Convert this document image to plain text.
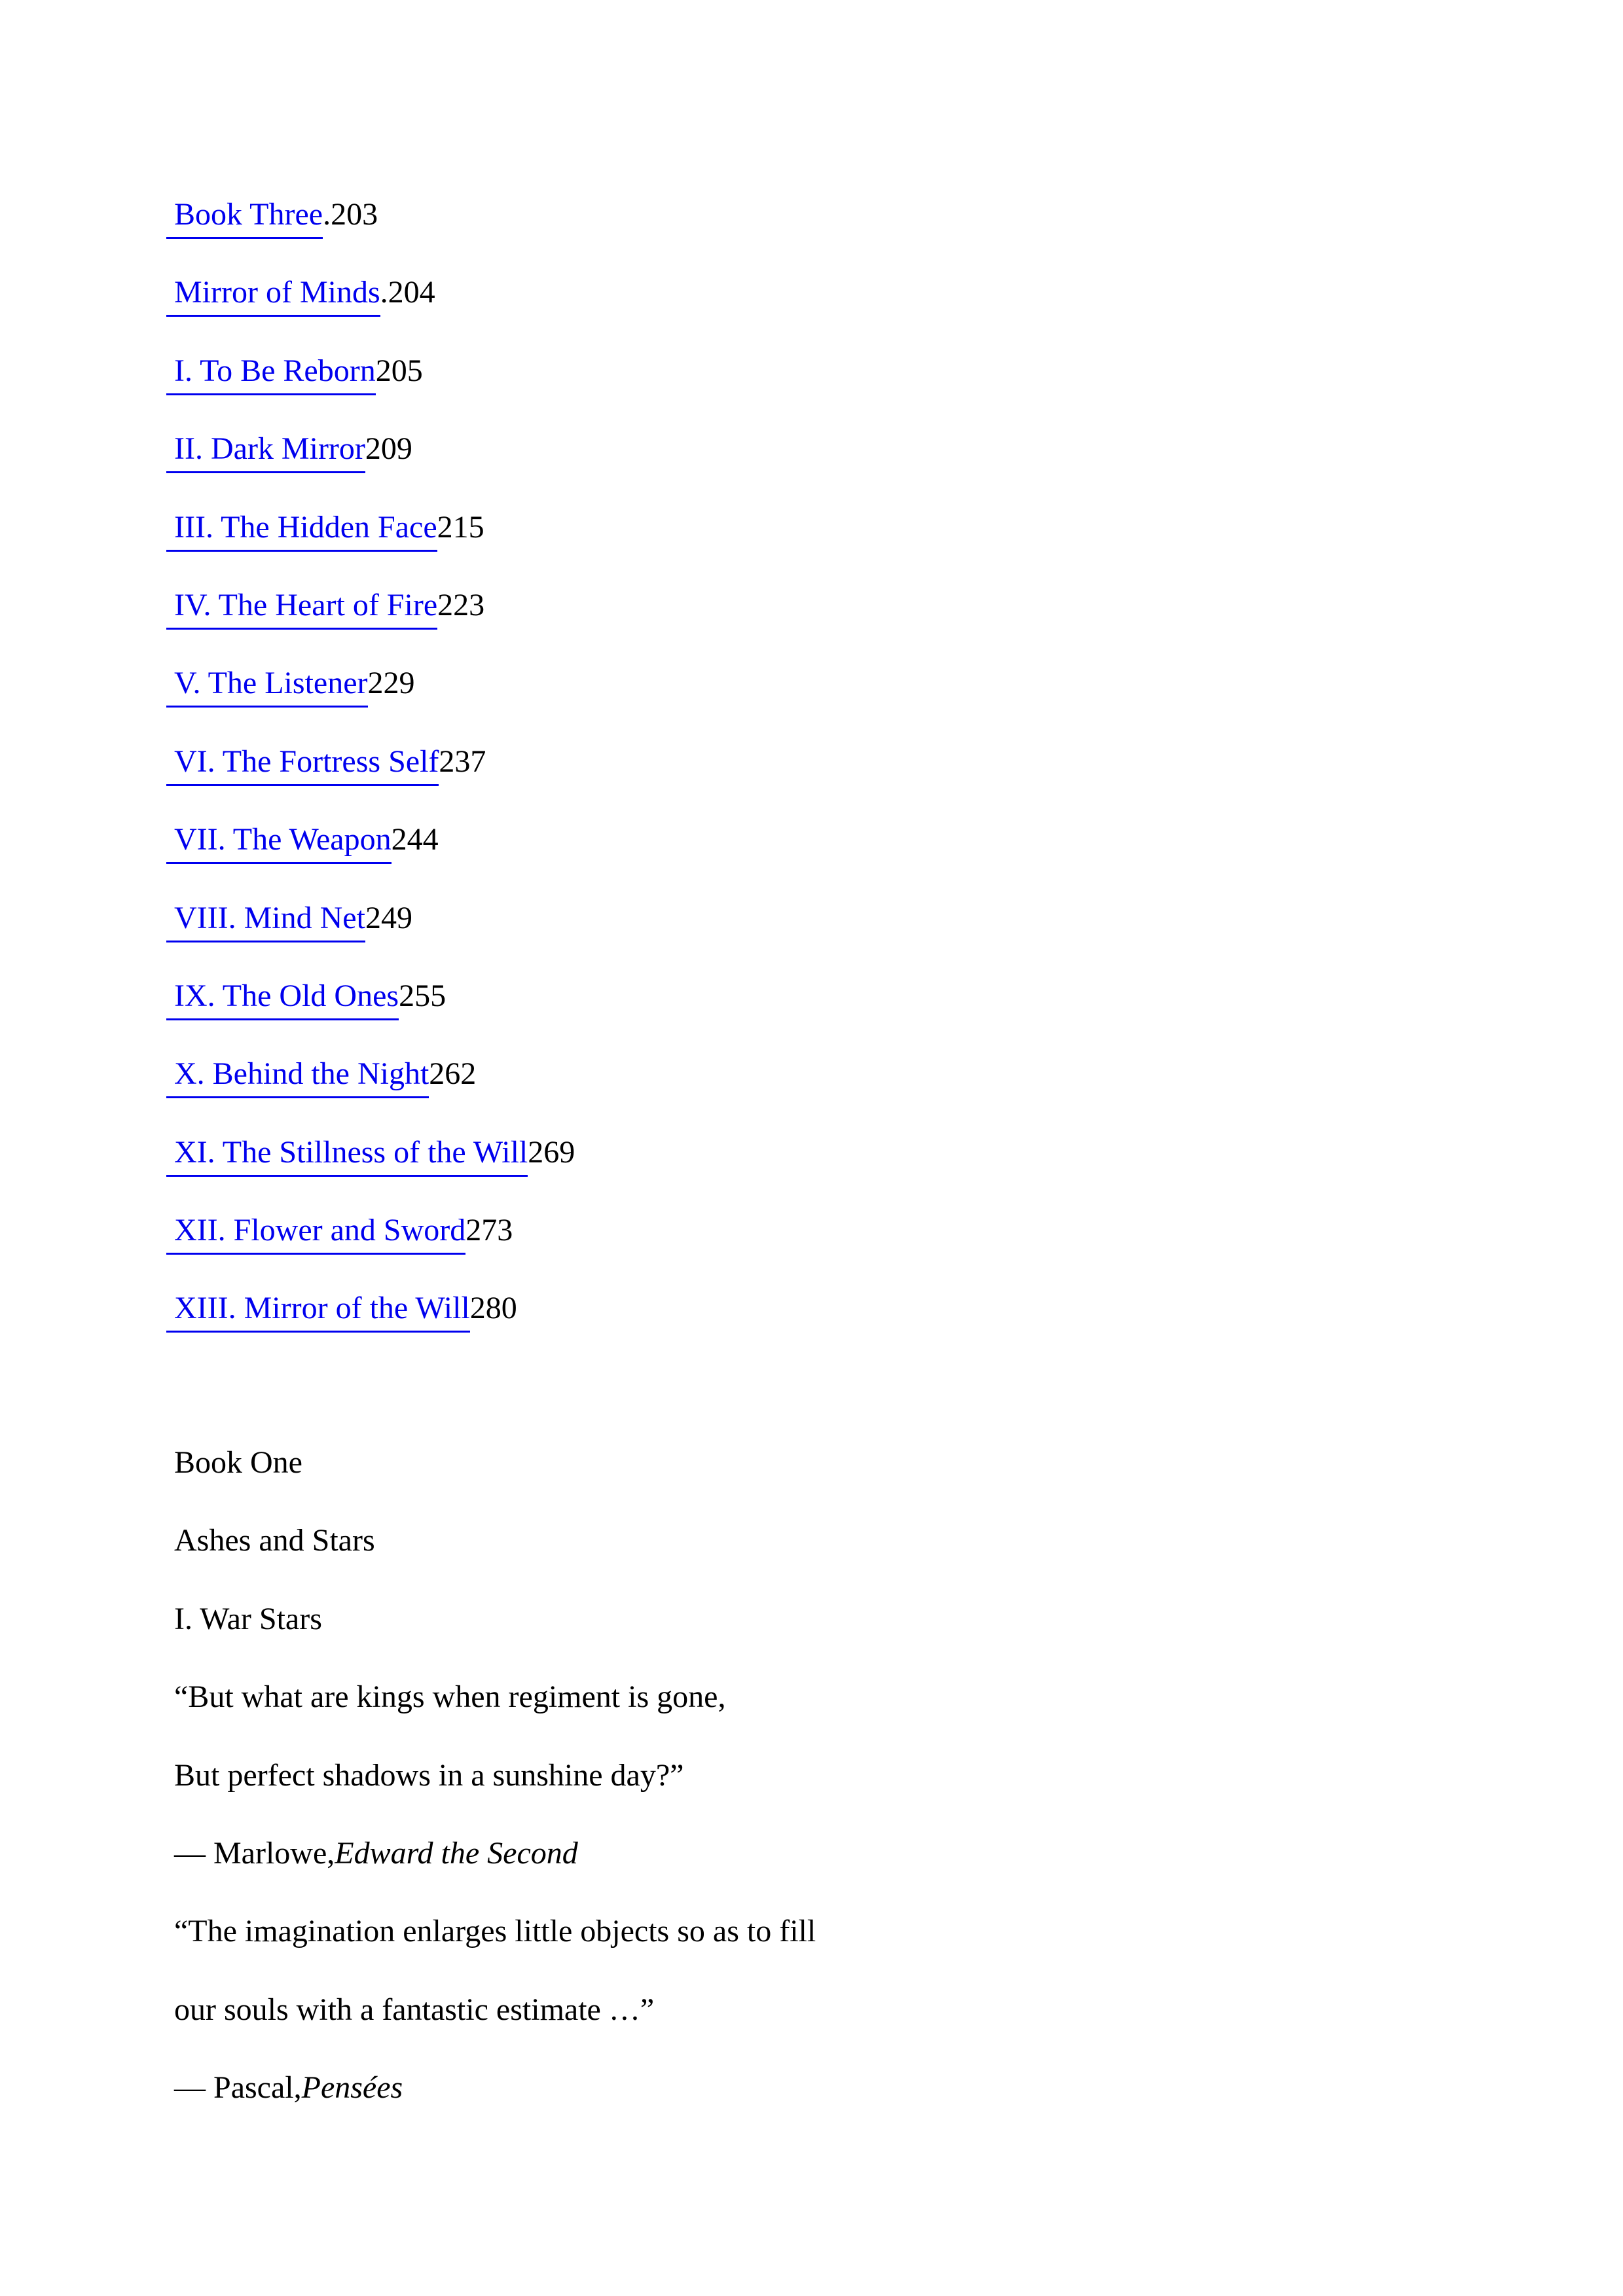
Book Three.203
Mirror of Minds.204
I. To Be Reborn205
II. Dark Mirror209
III. The Hidden Face215
IV. The Heart of Fire223
V. The Listener229
VI. The Fortress Self237
VII. The Weapon244
VIII. Mind Net249
IX. The Old Ones255
X. Behind the Night262
XI. The Stillness of the Will269
XII. Flower and Sword273
XIII. Mirror of the Will280

Book One

Ashes and Stars

I. War Stars

“But what are kings when regiment is gone,

But perfect shadows in a sunshine day?”

— Marlowe,Edward the Second

“The imagination enlarges little objects so as to fill

our souls with a fantastic estimate …”

— Pascal,Pensées
